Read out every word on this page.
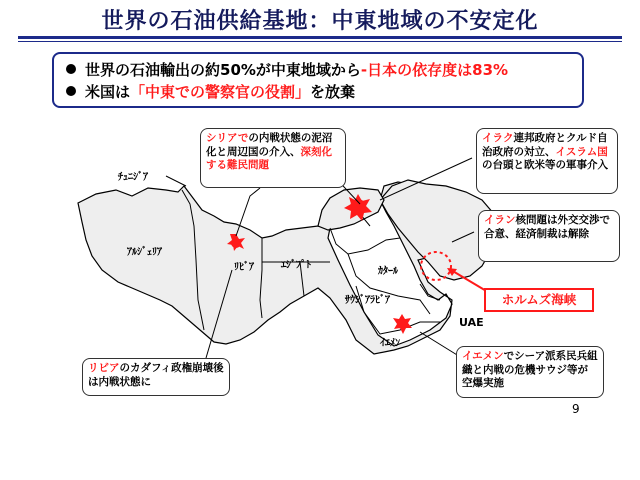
世界の石油供給基地：中東地域の不安定化
世界の石油輸出の約50%が中東地域から-日本の依存度は83%
米国は「中東での警察官の役割」を放棄
ﾁｭﾆｼﾞｱ
ｱﾙｼﾞｪﾘｱ
ﾘﾋﾞｱ	ｴｼﾞﾌﾟﾄ
ｶﾀｰﾙ
ｻｳｼﾞｱﾗﾋﾞｱ
UAE
ｲｴﾒﾝ
シリアでの内戦状態の泥沼化と周辺国の介入、深刻化する難民問題
イラク連邦政府とクルド自治政府の対立、イスラム国の台頭と欧米等の軍事介入
イラン核問題は外交交渉で合意、経済制裁は解除
ホルムズ海峡
リビアのカダフィ政権崩壊後は内戦状態に
イエメンでシーア派系民兵組織と内戦の危機サウジ等が空爆実施
9
